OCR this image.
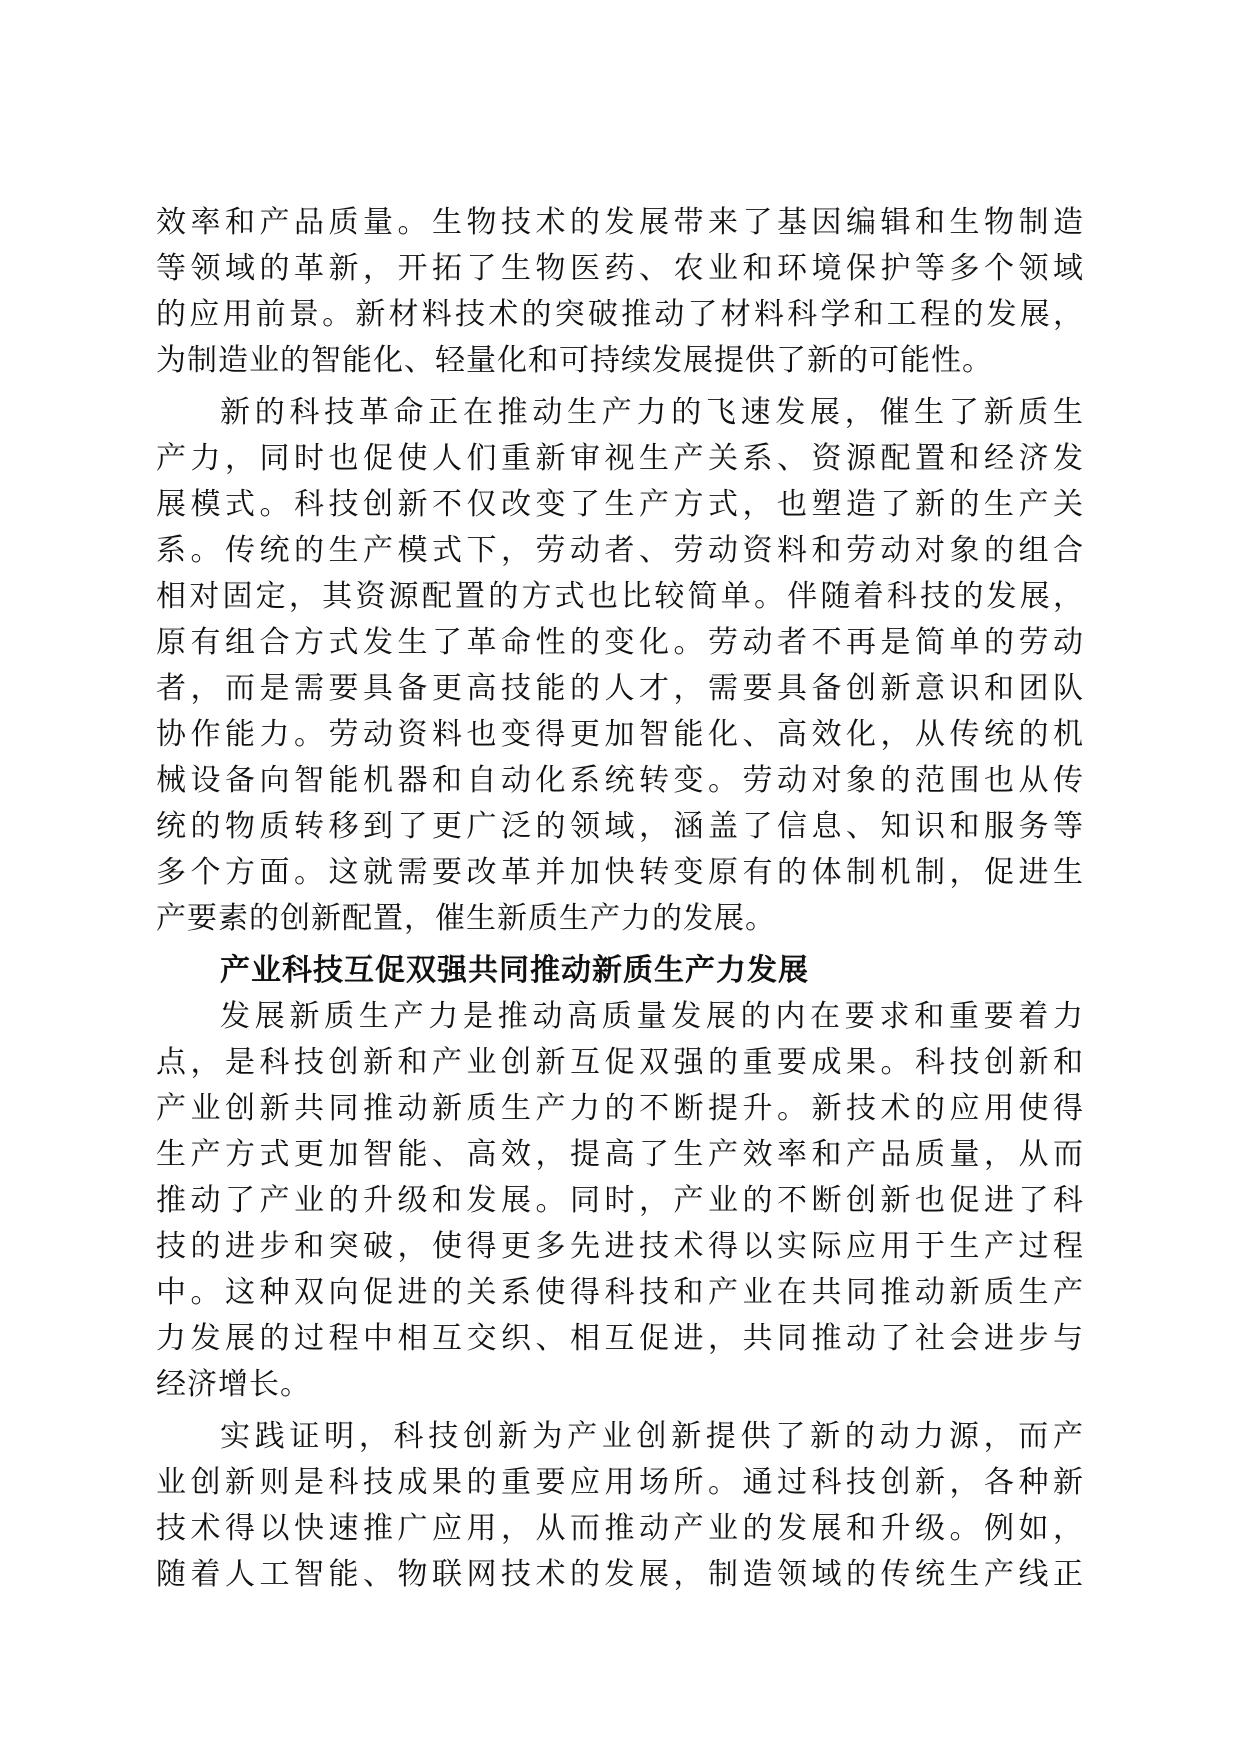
效率和产品质量。生物技术的发展带来了基因编辑和生物制造
等领域的革新，开拓了生物医药、农业和环境保护等多个领域
的应用前景。新材料技术的突破推动了材料科学和工程的发展，
为制造业的智能化、轻量化和可持续发展提供了新的可能性。
新的科技革命正在推动生产力的飞速发展，催生了新质生
产力，同时也促使人们重新审视生产关系、资源配置和经济发
展模式。科技创新不仅改变了生产方式，也塑造了新的生产关
系。传统的生产模式下，劳动者、劳动资料和劳动对象的组合
相对固定，其资源配置的方式也比较简单。伴随着科技的发展，
原有组合方式发生了革命性的变化。劳动者不再是简单的劳动
者，而是需要具备更高技能的人才，需要具备创新意识和团队
协作能力。劳动资料也变得更加智能化、高效化，从传统的机
械设备向智能机器和自动化系统转变。劳动对象的范围也从传
统的物质转移到了更广泛的领域，涵盖了信息、知识和服务等
多个方面。这就需要改革并加快转变原有的体制机制，促进生
产要素的创新配置，催生新质生产力的发展。
产业科技互促双强共同推动新质生产力发展
发展新质生产力是推动高质量发展的内在要求和重要着力
点，是科技创新和产业创新互促双强的重要成果。科技创新和
产业创新共同推动新质生产力的不断提升。新技术的应用使得
生产方式更加智能、高效，提高了生产效率和产品质量，从而
推动了产业的升级和发展。同时，产业的不断创新也促进了科
技的进步和突破，使得更多先进技术得以实际应用于生产过程
中。这种双向促进的关系使得科技和产业在共同推动新质生产
力发展的过程中相互交织、相互促进，共同推动了社会进步与
经济增长。
实践证明，科技创新为产业创新提供了新的动力源，而产
业创新则是科技成果的重要应用场所。通过科技创新，各种新
技术得以快速推广应用，从而推动产业的发展和升级。例如，
随着人工智能、物联网技术的发展，制造领域的传统生产线正
